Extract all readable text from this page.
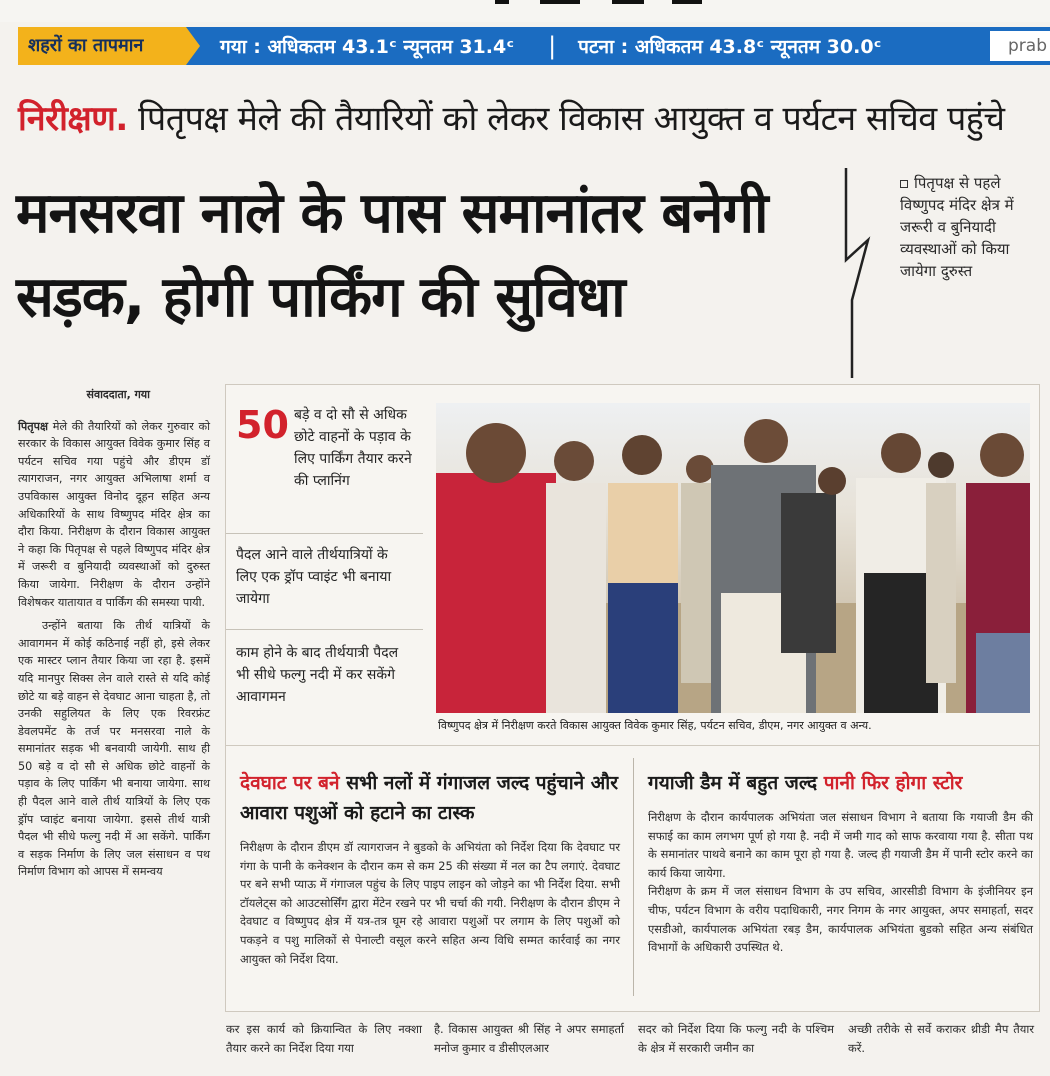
शहरों का तापमान	गया : अधिकतम 43.1ᶜ न्यूनतम 31.4ᶜ | पटना : अधिकतम 43.8ᶜ न्यूनतम 30.0ᶜ	prab
निरीक्षण. पितृपक्ष मेले की तैयारियों को लेकर विकास आयुक्त व पर्यटन सचिव पहुंचे
मनसरवा नाले के पास समानांतर बनेगी सड़क, होगी पार्किंग की सुविधा
पितृपक्ष से पहले विष्णुपद मंदिर क्षेत्र में जरूरी व बुनियादी व्यवस्थाओं को किया जायेगा दुरुस्त
संवाददाता, गया

पितृपक्ष मेले की तैयारियों को लेकर गुरुवार को सरकार के विकास आयुक्त विवेक कुमार सिंह व पर्यटन सचिव गया पहुंचे और डीएम डॉ त्यागराजन, नगर आयुक्त अभिलाषा शर्मा व उपविकास आयुक्त विनोद दूहन सहित अन्य अधिकारियों के साथ विष्णुपद मंदिर क्षेत्र का दौरा किया. निरीक्षण के दौरान विकास आयुक्त ने कहा कि पितृपक्ष से पहले विष्णुपद मंदिर क्षेत्र में जरूरी व बुनियादी व्यवस्थाओं को दुरुस्त किया जायेगा. निरीक्षण के दौरान उन्होंने विशेषकर यातायात व पार्किंग की समस्या पायी.

उन्होंने बताया कि तीर्थ यात्रियों के आवागमन में कोई कठिनाई नहीं हो, इसे लेकर एक मास्टर प्लान तैयार किया जा रहा है. इसमें यदि मानपुर सिक्स लेन वाले रास्ते से यदि कोई छोटे या बड़े वाहन से देवघाट आना चाहता है, तो उनकी सहुलियत के लिए एक रिवरफ्रंट डेवलपमेंट के तर्ज पर मनसरवा नाले के समानांतर सड़क भी बनवायी जायेगी. साथ ही 50 बड़े व दो सौ से अधिक छोटे वाहनों के पड़ाव के लिए पार्किंग भी बनाया जायेगा. साथ ही पैदल आने वाले तीर्थ यात्रियों के लिए एक ड्रॉप प्वाइंट बनाया जायेगा. इससे तीर्थ यात्री पैदल भी सीधे फल्गु नदी में आ सकेंगे. पार्किंग व सड़क निर्माण के लिए जल संसाधन व पथ निर्माण विभाग को आपस में समन्वय

50 बड़े व दो सौ से अधिक छोटे वाहनों के पड़ाव के लिए पार्किंग तैयार करने की प्लानिंग
पैदल आने वाले तीर्थयात्रियों के लिए एक ड्रॉप प्वाइंट भी बनाया जायेगा
काम होने के बाद तीर्थयात्री पैदल भी सीधे फल्गु नदी में कर सकेंगे आवागमन
विष्णुपद क्षेत्र में निरीक्षण करते विकास आयुक्त विवेक कुमार सिंह, पर्यटन सचिव, डीएम, नगर आयुक्त व अन्य.
देवघाट पर बने सभी नलों में गंगाजल जल्द पहुंचाने और आवारा पशुओं को हटाने का टास्क

निरीक्षण के दौरान डीएम डॉ त्यागराजन ने बुडको के अभियंता को निर्देश दिया कि देवघाट पर गंगा के पानी के कनेक्शन के दौरान कम से कम 25 की संख्या में नल का टैप लगाएं. देवघाट पर बने सभी प्याऊ में गंगाजल पहुंच के लिए पाइप लाइन को जोड़ने का भी निर्देश दिया. सभी टॉयलेट्स को आउटसोर्सिंग द्वारा मेंटेन रखने पर भी चर्चा की गयी. निरीक्षण के दौरान डीएम ने देवघाट व विष्णुपद क्षेत्र में यत्र-तत्र घूम रहे आवारा पशुओं पर लगाम के लिए पशुओं को पकड़ने व पशु मालिकों से पेनाल्टी वसूल करने सहित अन्य विधि सम्मत कार्रवाई का नगर आयुक्त को निर्देश दिया.

गयाजी डैम में बहुत जल्द पानी फिर होगा स्टोर

निरीक्षण के दौरान कार्यपालक अभियंता जल संसाधन विभाग ने बताया कि गयाजी डैम की सफाई का काम लगभग पूर्ण हो गया है. नदी में जमी गाद को साफ करवाया गया है. सीता पथ के समानांतर पाथवे बनाने का काम पूरा हो गया है. जल्द ही गयाजी डैम में पानी स्टोर करने का कार्य किया जायेगा.

निरीक्षण के क्रम में जल संसाधन विभाग के उप सचिव, आरसीडी विभाग के इंजीनियर इन चीफ, पर्यटन विभाग के वरीय पदाधिकारी, नगर निगम के नगर आयुक्त, अपर समाहर्ता, सदर एसडीओ, कार्यपालक अभियंता रबड़ डैम, कार्यपालक अभियंता बुडको सहित अन्य संबंधित विभागों के अधिकारी उपस्थित थे.

कर इस कार्य को क्रियान्वित के लिए नक्शा तैयार करने का निर्देश दिया गया
है. विकास आयुक्त श्री सिंह ने अपर समाहर्ता मनोज कुमार व डीसीएलआर
सदर को निर्देश दिया कि फल्गु नदी के पश्चिम के क्षेत्र में सरकारी जमीन का
अच्छी तरीके से सर्वे कराकर थ्रीडी मैप तैयार करें.
